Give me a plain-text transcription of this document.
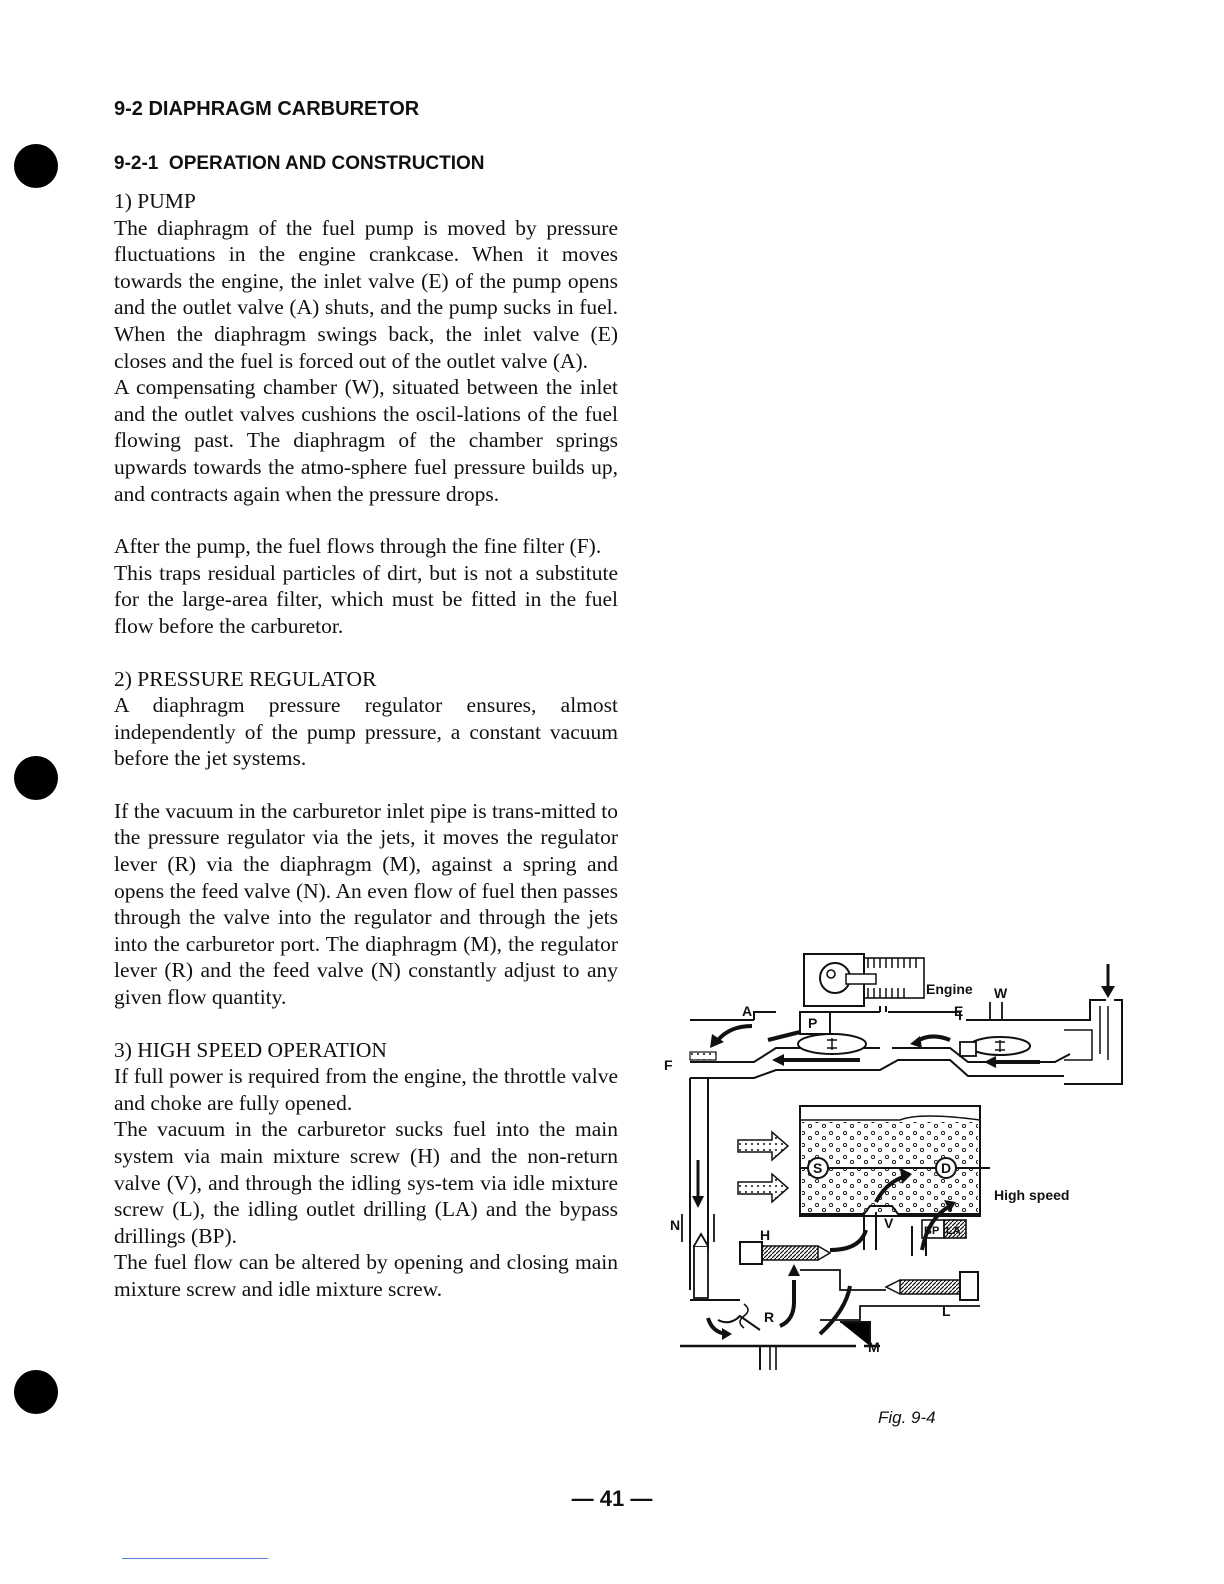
9-2 DIAPHRAGM CARBURETOR
9-2-1  OPERATION AND CONSTRUCTION

1) PUMP

The diaphragm of the fuel pump is moved by pressure fluctuations in the engine crankcase. When it moves towards the engine, the inlet valve (E) of the pump opens and the outlet valve (A) shuts, and the pump sucks in fuel. When the diaphragm swings back, the inlet valve (E) closes and the fuel is forced out of the outlet valve (A).

A compensating chamber (W), situated between the inlet and the outlet valves cushions the oscil-lations of the fuel flowing past. The diaphragm of the chamber springs upwards towards the atmo-sphere fuel pressure builds up, and contracts again when the pressure drops.

After the pump, the fuel flows through the fine filter (F).

This traps residual particles of dirt, but is not a substitute for the large-area filter, which must be fitted in the fuel flow before the carburetor.

2) PRESSURE REGULATOR

A diaphragm pressure regulator ensures, almost independently of the pump pressure, a constant vacuum before the jet systems.

If the vacuum in the carburetor inlet pipe is trans-mitted to the pressure regulator via the jets, it moves the regulator lever (R) via the diaphragm (M), against a spring and opens the feed valve (N). An even flow of fuel then passes through the valve into the regulator and through the jets into the carburetor port. The diaphragm (M), the regulator lever (R) and the feed valve (N) constantly adjust to any given flow quantity.

3) HIGH SPEED OPERATION

If full power is required from the engine, the throttle valve and choke are fully opened.

The vacuum in the carburetor sucks fuel into the main system via main mixture screw (H) and the non-return valve (V), and through the idling sys-tem via idle mixture screw (L), the idling outlet drilling (LA) and the bypass drillings (BP).

The fuel flow can be altered by opening and closing main mixture screw and idle mixture screw.

Engine W
A
P
E
F
N
S	D
High speed
H
V	BP LA
R	L
M
Fig. 9-4
— 41 —
